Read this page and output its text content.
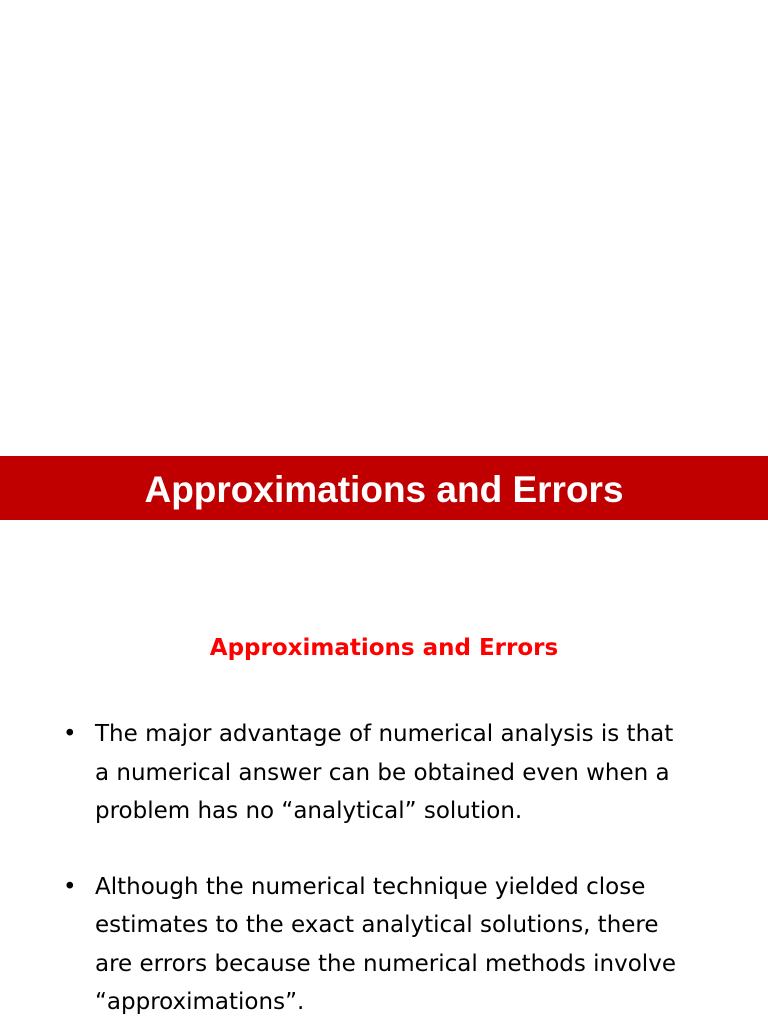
Approximations and Errors
Approximations and Errors
• The major advantage of numerical analysis is that
a numerical answer can be obtained even when a
problem has no “analytical” solution.
• Although the numerical technique yielded close
estimates to the exact analytical solutions, there
are errors because the numerical methods involve
“approximations”.
